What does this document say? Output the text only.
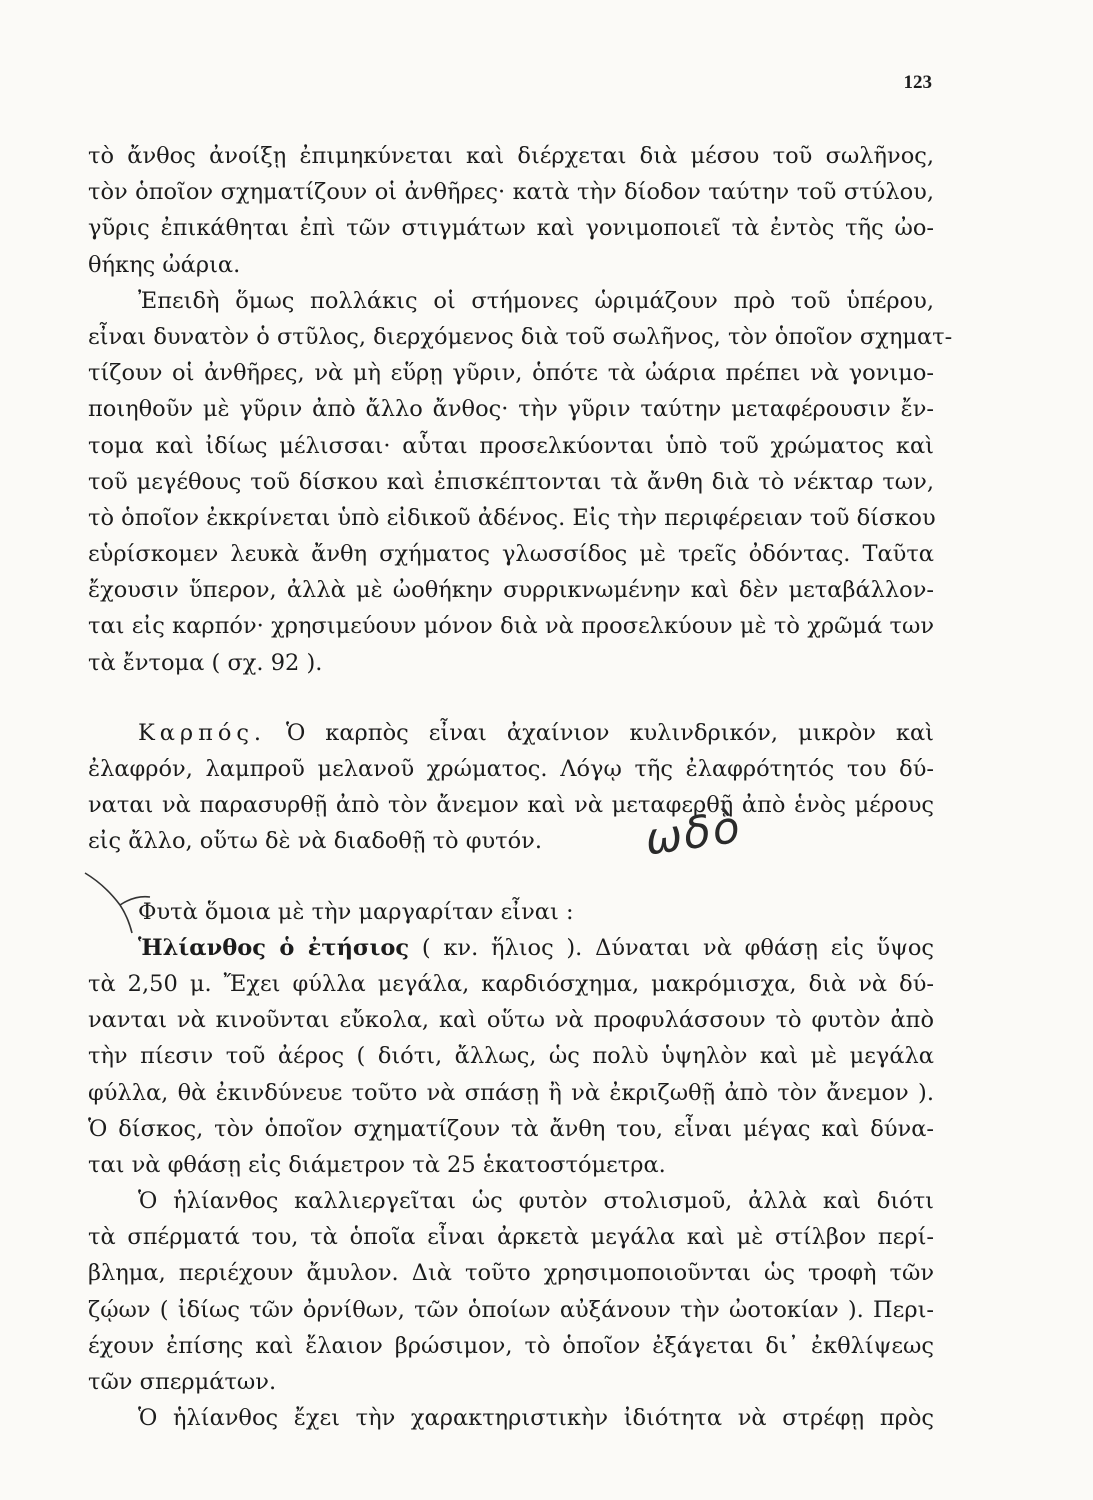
123
τὸ ἄνθος ἀνοίξῃ ἐπιμηκύνεται καὶ διέρχεται διὰ μέσου τοῦ σωλῆνος,
τὸν ὁποῖον σχηματίζουν οἱ ἀνθῆρες· κατὰ τὴν δίοδον ταύτην τοῦ στύλου,
γῦρις ἐπικάθηται ἐπὶ τῶν στιγμάτων καὶ γονιμοποιεῖ τὰ ἐντὸς τῆς ὠο-
θήκης ὠάρια.
Ἐπειδὴ ὅμως πολλάκις οἱ στήμονες ὡριμάζουν πρὸ τοῦ ὑπέρου,
εἶναι δυνατὸν ὁ στῦλος, διερχόμενος διὰ τοῦ σωλῆνος, τὸν ὁποῖον σχηματ-
τίζουν οἱ ἀνθῆρες, νὰ μὴ εὕρῃ γῦριν, ὁπότε τὰ ὠάρια πρέπει νὰ γονιμο-
ποιηθοῦν μὲ γῦριν ἀπὸ ἄλλο ἄνθος· τὴν γῦριν ταύτην μεταφέρουσιν ἔν-
τομα καὶ ἰδίως μέλισσαι· αὗται προσελκύονται ὑπὸ τοῦ χρώματος καὶ
τοῦ μεγέθους τοῦ δίσκου καὶ ἐπισκέπτονται τὰ ἄνθη διὰ τὸ νέκταρ των,
τὸ ὁποῖον ἐκκρίνεται ὑπὸ εἰδικοῦ ἀδένος. Εἰς τὴν περιφέρειαν τοῦ δίσκου
εὑρίσκομεν λευκὰ ἄνθη σχήματος γλωσσίδος μὲ τρεῖς ὀδόντας. Ταῦτα
ἔχουσιν ὕπερον, ἀλλὰ μὲ ὠοθήκην συρρικνωμένην καὶ δὲν μεταβάλλον-
ται εἰς καρπόν· χρησιμεύουν μόνον διὰ νὰ προσελκύουν μὲ τὸ χρῶμά των
τὰ ἔντομα ( σχ. 92 ).
Καρπός. Ὁ καρπὸς εἶναι ἀχαίνιον κυλινδρικόν, μικρὸν καὶ
ἐλαφρόν, λαμπροῦ μελανοῦ χρώματος. Λόγῳ τῆς ἐλαφρότητός του δύ-
ναται νὰ παρασυρθῇ ἀπὸ τὸν ἄνεμον καὶ νὰ μεταφερθῇ ἀπὸ ἑνὸς μέρους
εἰς ἄλλο, οὕτω δὲ νὰ διαδοθῇ τὸ φυτόν.
Φυτὰ ὅμοια μὲ τὴν μαργαρίταν εἶναι :
Ἡλίανθος ὁ ἐτήσιος ( κν. ἥλιος ). Δύναται νὰ φθάσῃ εἰς ὕψος
τὰ 2,50 μ. Ἔχει φύλλα μεγάλα, καρδιόσχημα, μακρόμισχα, διὰ νὰ δύ-
νανται νὰ κινοῦνται εὔκολα, καὶ οὕτω νὰ προφυλάσσουν τὸ φυτὸν ἀπὸ
τὴν πίεσιν τοῦ ἀέρος ( διότι, ἄλλως, ὡς πολὺ ὑψηλὸν καὶ μὲ μεγάλα
φύλλα, θὰ ἐκινδύνευε τοῦτο νὰ σπάσῃ ἢ νὰ ἐκριζωθῇ ἀπὸ τὸν ἄνεμον ).
Ὁ δίσκος, τὸν ὁποῖον σχηματίζουν τὰ ἄνθη του, εἶναι μέγας καὶ δύνα-
ται νὰ φθάσῃ εἰς διάμετρον τὰ 25 ἑκατοστόμετρα.
Ὁ ἡλίανθος καλλιεργεῖται ὡς φυτὸν στολισμοῦ, ἀλλὰ καὶ διότι
τὰ σπέρματά του, τὰ ὁποῖα εἶναι ἀρκετὰ μεγάλα καὶ μὲ στίλβον περί-
βλημα, περιέχουν ἄμυλον. Διὰ τοῦτο χρησιμοποιοῦνται ὡς τροφὴ τῶν
ζῴων ( ἰδίως τῶν ὀρνίθων, τῶν ὁποίων αὐξάνουν τὴν ὠοτοκίαν ). Περι-
έχουν ἐπίσης καὶ ἔλαιον βρώσιμον, τὸ ὁποῖον ἐξάγεται δι᾽ ἐκθλίψεως
τῶν σπερμάτων.
Ὁ ἡλίανθος ἔχει τὴν χαρακτηριστικὴν ἰδιότητα νὰ στρέφῃ πρὸς
ωδὸ
